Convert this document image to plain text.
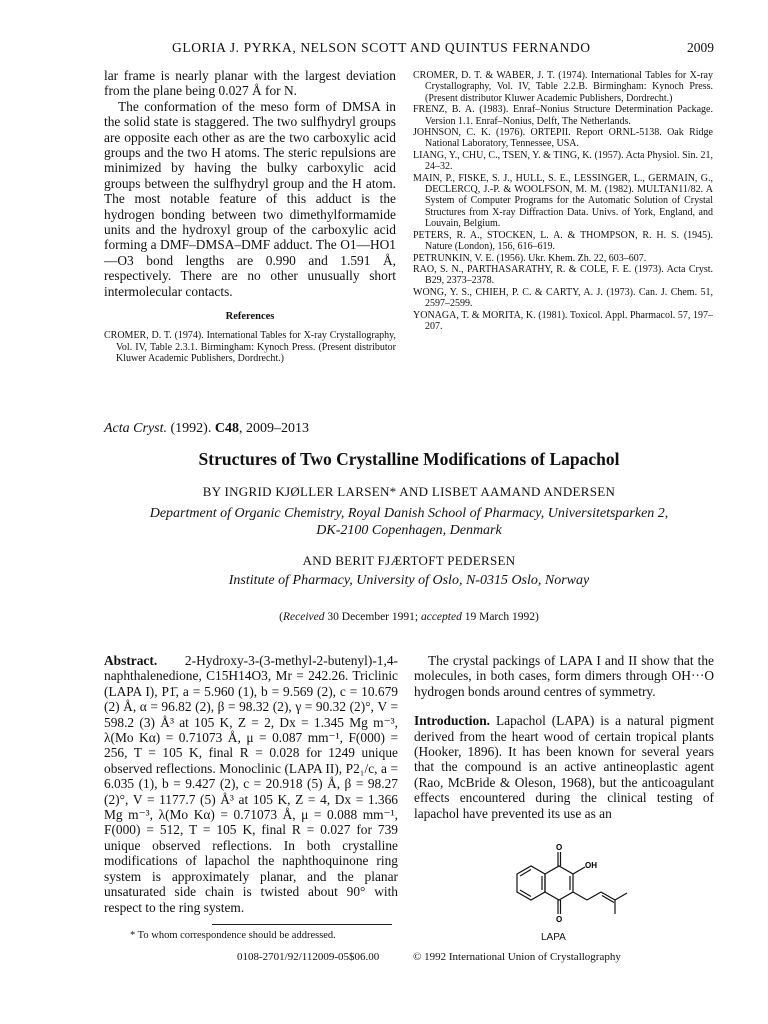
GLORIA J. PYRKA, NELSON SCOTT AND QUINTUS FERNANDO	2009

lar frame is nearly planar with the largest deviation from the plane being 0.027 Å for N.

The conformation of the meso form of DMSA in the solid state is staggered. The two sulfhydryl groups are opposite each other as are the two carboxylic acid groups and the two H atoms. The steric repulsions are minimized by having the bulky carboxylic acid groups between the sulfhydryl group and the H atom. The most notable feature of this adduct is the hydrogen bonding between two dimethylformamide units and the hydroxyl group of the carboxylic acid forming a DMF–DMSA–DMF adduct. The O1—HO1—O3 bond lengths are 0.990 and 1.591 Å, respectively. There are no other unusually short intermolecular contacts.

References

CROMER, D. T. (1974). International Tables for X-ray Crystallography, Vol. IV, Table 2.3.1. Birmingham: Kynoch Press. (Present distributor Kluwer Academic Publishers, Dordrecht.)

CROMER, D. T. & WABER, J. T. (1974). International Tables for X-ray Crystallography, Vol. IV, Table 2.2.B. Birmingham: Kynoch Press. (Present distributor Kluwer Academic Publishers, Dordrecht.)

FRENZ, B. A. (1983). Enraf–Nonius Structure Determination Package. Version 1.1. Enraf–Nonius, Delft, The Netherlands.

JOHNSON, C. K. (1976). ORTEPII. Report ORNL-5138. Oak Ridge National Laboratory, Tennessee, USA.

LIANG, Y., CHU, C., TSEN, Y. & TING, K. (1957). Acta Physiol. Sin. 21, 24–32.

MAIN, P., FISKE, S. J., HULL, S. E., LESSINGER, L., GERMAIN, G., DECLERCQ, J.-P. & WOOLFSON, M. M. (1982). MULTAN11/82. A System of Computer Programs for the Automatic Solution of Crystal Structures from X-ray Diffraction Data. Univs. of York, England, and Louvain, Belgium.

PETERS, R. A., STOCKEN, L. A. & THOMPSON, R. H. S. (1945). Nature (London), 156, 616–619.

PETRUNKIN, V. E. (1956). Ukr. Khem. Zh. 22, 603–607.

RAO, S. N., PARTHASARATHY, R. & COLE, F. E. (1973). Acta Cryst. B29, 2373–2378.

WONG, Y. S., CHIEH, P. C. & CARTY, A. J. (1973). Can. J. Chem. 51, 2597–2599.

YONAGA, T. & MORITA, K. (1981). Toxicol. Appl. Pharmacol. 57, 197–207.

Acta Cryst. (1992). C48, 2009–2013
Structures of Two Crystalline Modifications of Lapachol
BY INGRID KJØLLER LARSEN* AND LISBET AAMAND ANDERSEN
Department of Organic Chemistry, Royal Danish School of Pharmacy, Universitetsparken 2,
DK-2100 Copenhagen, Denmark
AND BERIT FJÆRTOFT PEDERSEN
Institute of Pharmacy, University of Oslo, N-0315 Oslo, Norway
(Received 30 December 1991; accepted 19 March 1992)

Abstract. 2-Hydroxy-3-(3-methyl-2-butenyl)-1,4-naphthalenedione, C15H14O3, Mr = 242.26. Triclinic (LAPA I), P1̄, a = 5.960 (1), b = 9.569 (2), c = 10.679 (2) Å, α = 96.82 (2), β = 98.32 (2), γ = 90.32 (2)°, V = 598.2 (3) Å³ at 105 K, Z = 2, Dx = 1.345 Mg m⁻³, λ(Mo Kα) = 0.71073 Å, μ = 0.087 mm⁻¹, F(000) = 256, T = 105 K, final R = 0.028 for 1249 unique observed reflections. Monoclinic (LAPA II), P2₁/c, a = 6.035 (1), b = 9.427 (2), c = 20.918 (5) Å, β = 98.27 (2)°, V = 1177.7 (5) Å³ at 105 K, Z = 4, Dx = 1.366 Mg m⁻³, λ(Mo Kα) = 0.71073 Å, μ = 0.088 mm⁻¹, F(000) = 512, T = 105 K, final R = 0.027 for 739 unique observed reflections. In both crystalline modifications of lapachol the naphthoquinone ring system is approximately planar, and the planar unsaturated side chain is twisted about 90° with respect to the ring system.

The crystal packings of LAPA I and II show that the molecules, in both cases, form dimers through OH···O hydrogen bonds around centres of symmetry.

Introduction. Lapachol (LAPA) is a natural pigment derived from the heart wood of certain tropical plants (Hooker, 1896). It has been known for several years that the compound is an active antineoplastic agent (Rao, McBride & Oleson, 1968), but the anticoagulant effects encountered during the clinical testing of lapachol have prevented its use as an

O
OH
O
LAPA
* To whom correspondence should be addressed.
0108-2701/92/112009-05$06.00	© 1992 International Union of Crystallography
